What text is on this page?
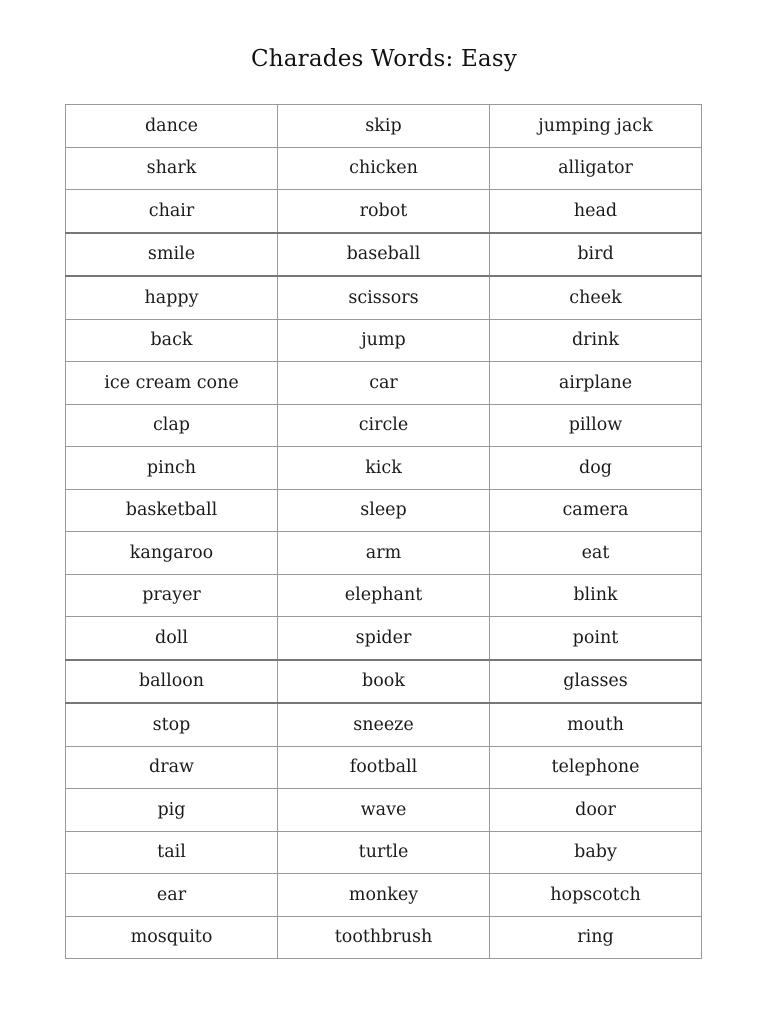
Charades Words: Easy
dance	skip	jumping jack
shark	chicken	alligator
chair	robot	head
smile	baseball	bird
happy	scissors	cheek
back	jump	drink
ice cream cone	car	airplane
clap	circle	pillow
pinch	kick	dog
basketball	sleep	camera
kangaroo	arm	eat
prayer	elephant	blink
doll	spider	point
balloon	book	glasses
stop	sneeze	mouth
draw	football	telephone
pig	wave	door
tail	turtle	baby
ear	monkey	hopscotch
mosquito	toothbrush	ring
